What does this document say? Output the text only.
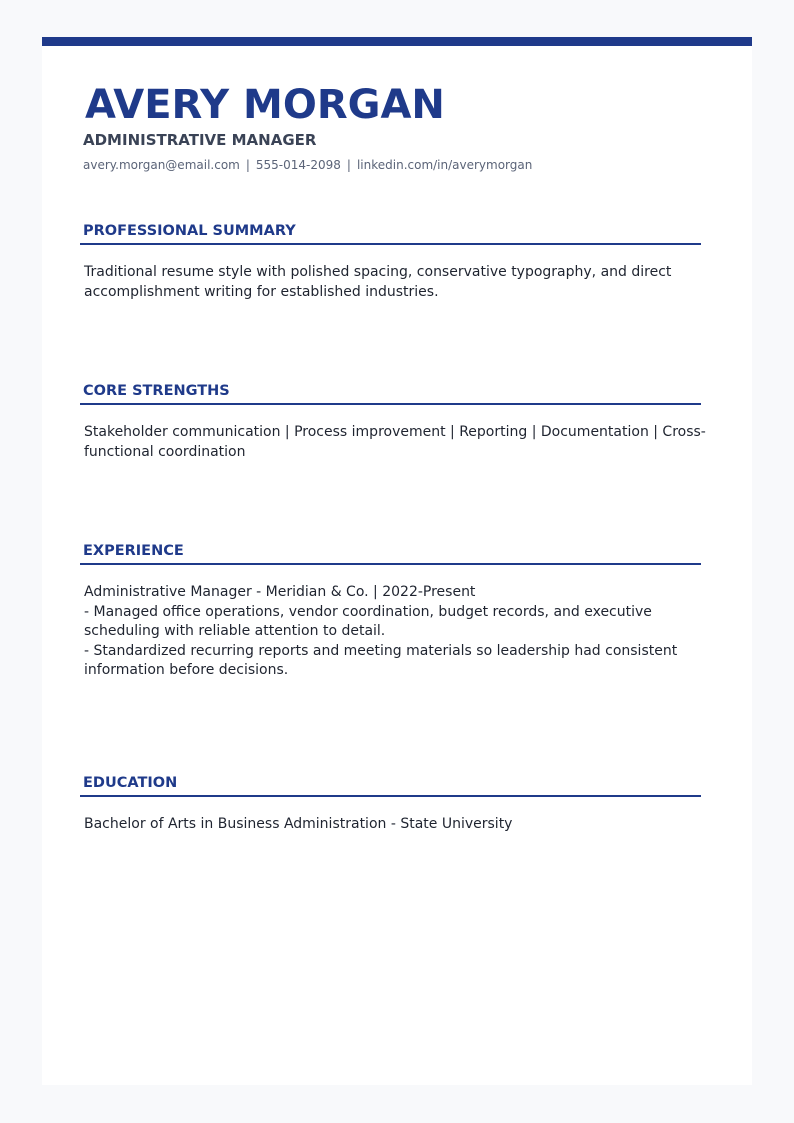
AVERY MORGAN
ADMINISTRATIVE MANAGER
avery.morgan@email.com | 555-014-2098 | linkedin.com/in/averymorgan
PROFESSIONAL SUMMARY

Traditional resume style with polished spacing, conservative typography, and direct accomplishment writing for established industries.

CORE STRENGTHS

Stakeholder communication | Process improvement | Reporting | Documentation | Cross-functional coordination

EXPERIENCE
Administrative Manager - Meridian & Co. | 2022-Present
- Managed office operations, vendor coordination, budget records, and executive scheduling with reliable attention to detail.
- Standardized recurring reports and meeting materials so leadership had consistent information before decisions.
EDUCATION

Bachelor of Arts in Business Administration - State University
